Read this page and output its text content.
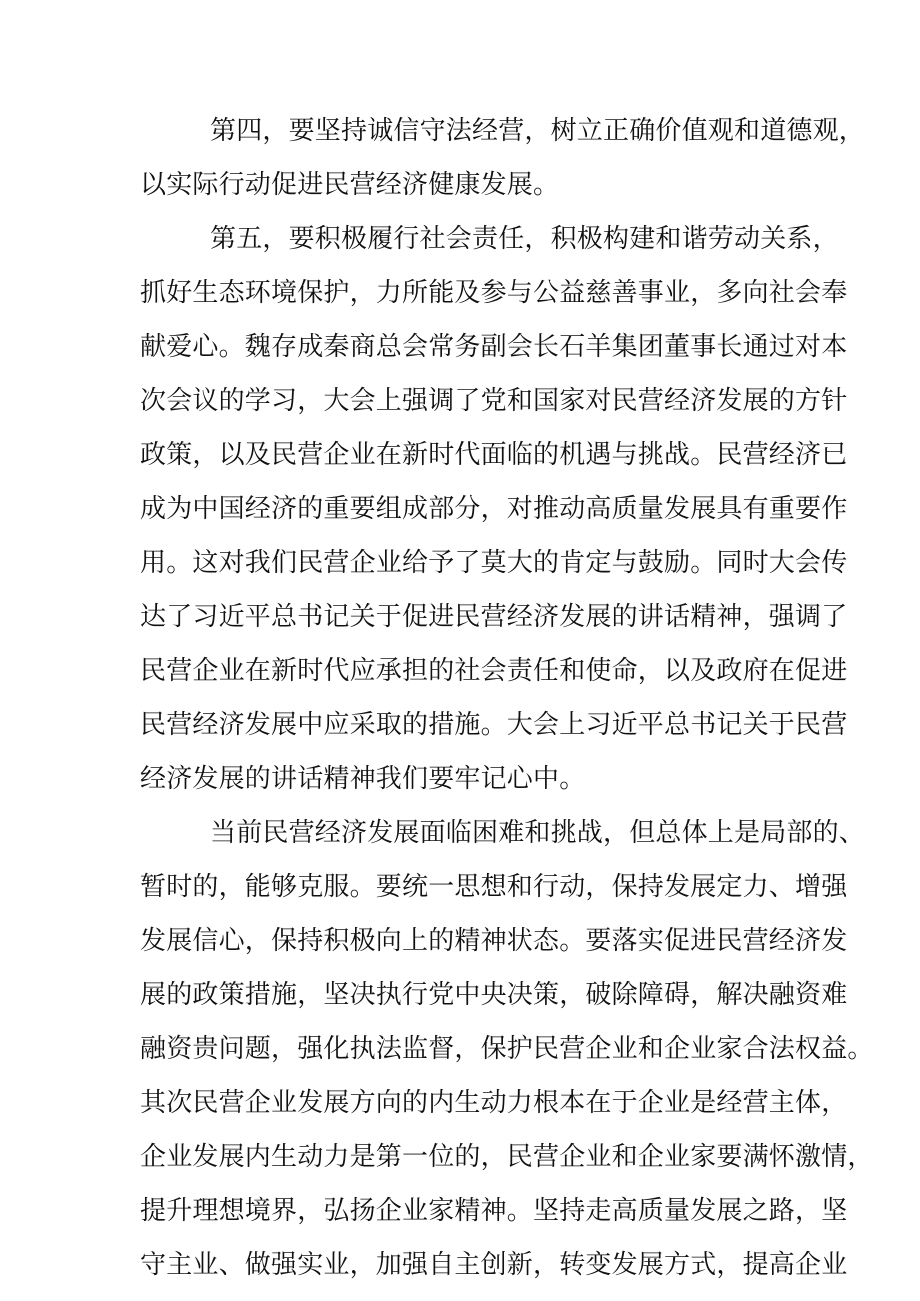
第四，要坚持诚信守法经营，树立正确价值观和道德观，
以实际行动促进民营经济健康发展。
第五，要积极履行社会责任，积极构建和谐劳动关系，
抓好生态环境保护，力所能及参与公益慈善事业，多向社会奉
献爱心。魏存成秦商总会常务副会长石羊集团董事长通过对本
次会议的学习，大会上强调了党和国家对民营经济发展的方针
政策，以及民营企业在新时代面临的机遇与挑战。民营经济已
成为中国经济的重要组成部分，对推动高质量发展具有重要作
用。这对我们民营企业给予了莫大的肯定与鼓励。同时大会传
达了习近平总书记关于促进民营经济发展的讲话精神，强调了
民营企业在新时代应承担的社会责任和使命，以及政府在促进
民营经济发展中应采取的措施。大会上习近平总书记关于民营
经济发展的讲话精神我们要牢记心中。
当前民营经济发展面临困难和挑战，但总体上是局部的、
暂时的，能够克服。要统一思想和行动，保持发展定力、增强
发展信心，保持积极向上的精神状态。要落实促进民营经济发
展的政策措施，坚决执行党中央决策，破除障碍，解决融资难
融资贵问题，强化执法监督，保护民营企业和企业家合法权益。
其次民营企业发展方向的内生动力根本在于企业是经营主体，
企业发展内生动力是第一位的，民营企业和企业家要满怀激情，
提升理想境界，弘扬企业家精神。坚持走高质量发展之路，坚
守主业、做强实业，加强自主创新，转变发展方式，提高企业
